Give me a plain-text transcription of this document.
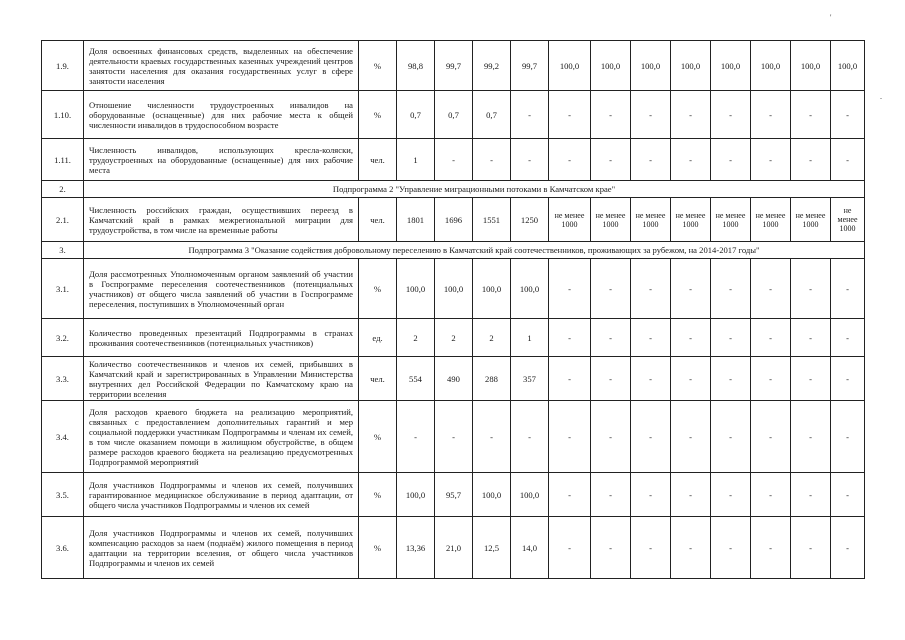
'
.
1.9.	Доля освоенных финансовых средств, выделенных на обеспечение деятельности краевых государственных казенных учреждений центров занятости населения для оказания государственных услуг в сфере занятости населения	%	98,8	99,7	99,2	99,7	100,0	100,0	100,0	100,0	100,0	100,0	100,0	100,0
1.10.	Отношение численности трудоустроенных инвалидов на оборудованные (оснащенные) для них рабочие места к общей численности инвалидов в трудоспособном возрасте	%	0,7	0,7	0,7	-	-	-	-	-	-	-	-	-
1.11.	Численность инвалидов, использующих кресла-коляски, трудоустроенных на оборудованные (оснащенные) для них рабочие места	чел.	1	-	-	-	-	-	-	-	-	-	-	-
2.	Подпрограмма 2 "Управление миграционными потоками в Камчатском крае"													
2.1.	Численность российских граждан, осуществивших переезд в Камчатский край в рамках межрегиональной миграции для трудоустройства, в том числе на временные работы	чел.	1801	1696	1551	1250	не менее 1000	не менее 1000	не менее 1000	не менее 1000	не менее 1000	не менее 1000	не менее 1000	не менее 1000
3.	Подпрограмма 3 "Оказание содействия добровольному переселению в Камчатский край соотечественников, проживающих за рубежом, на 2014-2017 годы"													
3.1.	Доля рассмотренных Уполномоченным органом заявлений об участии в Госпрограмме переселения соотечественников (потенциальных участников) от общего числа заявлений об участии в Госпрограмме переселения, поступивших в Уполномоченный орган	%	100,0	100,0	100,0	100,0	-	-	-	-	-	-	-	-
3.2.	Количество проведенных презентаций Подпрограммы в странах проживания соотечественников (потенциальных участников)	ед.	2	2	2	1	-	-	-	-	-	-	-	-
3.3.	Количество соотечественников и членов их семей, прибывших в Камчатский край и зарегистрированных в Управлении Министерства внутренних дел Российской Федерации по Камчатскому краю на территории вселения	чел.	554	490	288	357	-	-	-	-	-	-	-	-
3.4.	Доля расходов краевого бюджета на реализацию мероприятий, связанных с предоставлением дополнительных гарантий и мер социальной поддержки участникам Подпрограммы и членам их семей, в том числе оказанием помощи в жилищном обустройстве, в общем размере расходов краевого бюджета на реализацию предусмотренных Подпрограммой мероприятий	%	-	-	-	-	-	-	-	-	-	-	-	-
3.5.	Доля участников Подпрограммы и членов их семей, получивших гарантированное медицинское обслуживание в период адаптации, от общего числа участников Подпрограммы и членов их семей	%	100,0	95,7	100,0	100,0	-	-	-	-	-	-	-	-
3.6.	Доля участников Подпрограммы и членов их семей, получивших компенсацию расходов за наем (поднаём) жилого помещения в период адаптации на территории вселения, от общего числа участников Подпрограммы и членов их семей	%	13,36	21,0	12,5	14,0	-	-	-	-	-	-	-	-
